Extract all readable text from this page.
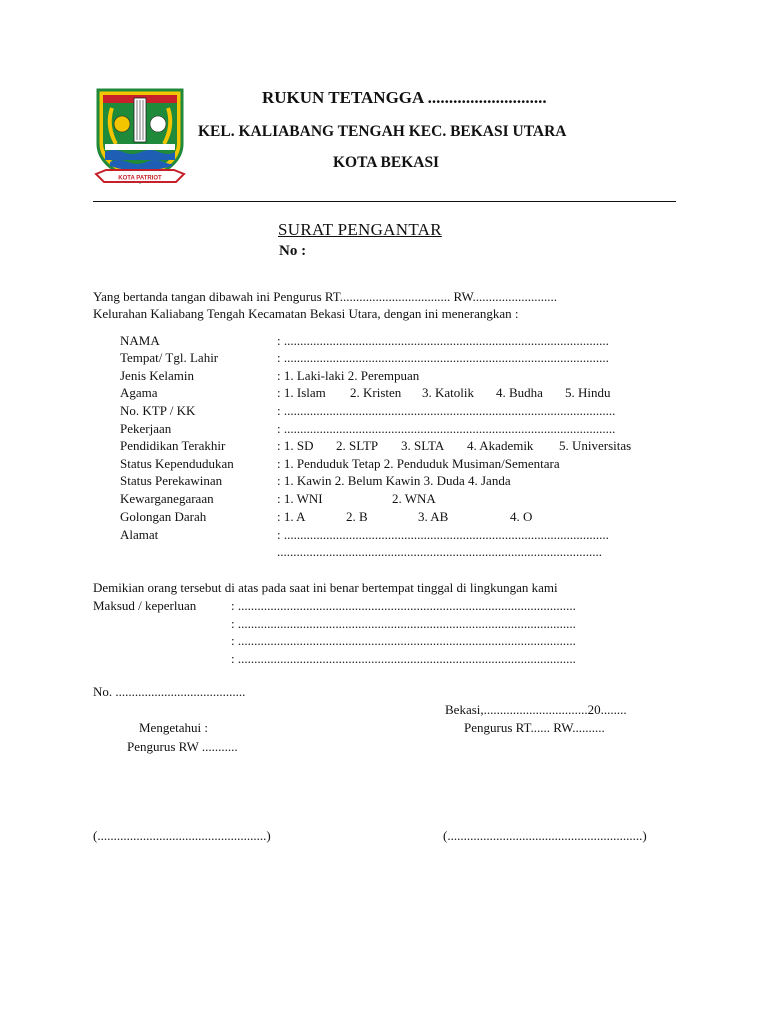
KOTA PATRIOT
RUKUN TETANGGA ............................
KEL. KALIABANG TENGAH KEC. BEKASI UTARA
KOTA BEKASI
SURAT PENGANTAR
No :
Yang bertanda tangan dibawah ini Pengurus RT.................................. RW..........................
Kelurahan Kaliabang Tengah Kecamatan Bekasi Utara, dengan ini menerangkan :
NAMA	: ....................................................................................................
Tempat/ Tgl. Lahir	: ....................................................................................................
Jenis Kelamin	: 1. Laki-laki 2. Perempuan
Agama	: 1. Islam 2. Kristen 3. Katolik 4. Budha 5. Hindu
No. KTP / KK	: ......................................................................................................
Pekerjaan	: ......................................................................................................
Pendidikan Terakhir	: 1. SD 2. SLTP 3. SLTA 4. Akademik 5. Universitas
Status Kependudukan	: 1. Penduduk Tetap 2. Penduduk Musiman/Sementara
Status Perekawinan	: 1. Kawin 2. Belum Kawin 3. Duda 4. Janda
Kewarganegaraan	: 1. WNI	2. WNA
Golongan Darah	: 1. A	2. B	3. AB	4. O
Alamat	: ....................................................................................................
....................................................................................................
Demikian orang tersebut di atas pada saat ini benar bertempat tinggal di lingkungan kami
Maksud / keperluan	: ........................................................................................................
: ........................................................................................................
: ........................................................................................................
: ........................................................................................................
No. ........................................
Bekasi,................................20........
Mengetahui :	Pengurus RT...... RW..........
Pengurus RW ...........
(....................................................)	(............................................................)
